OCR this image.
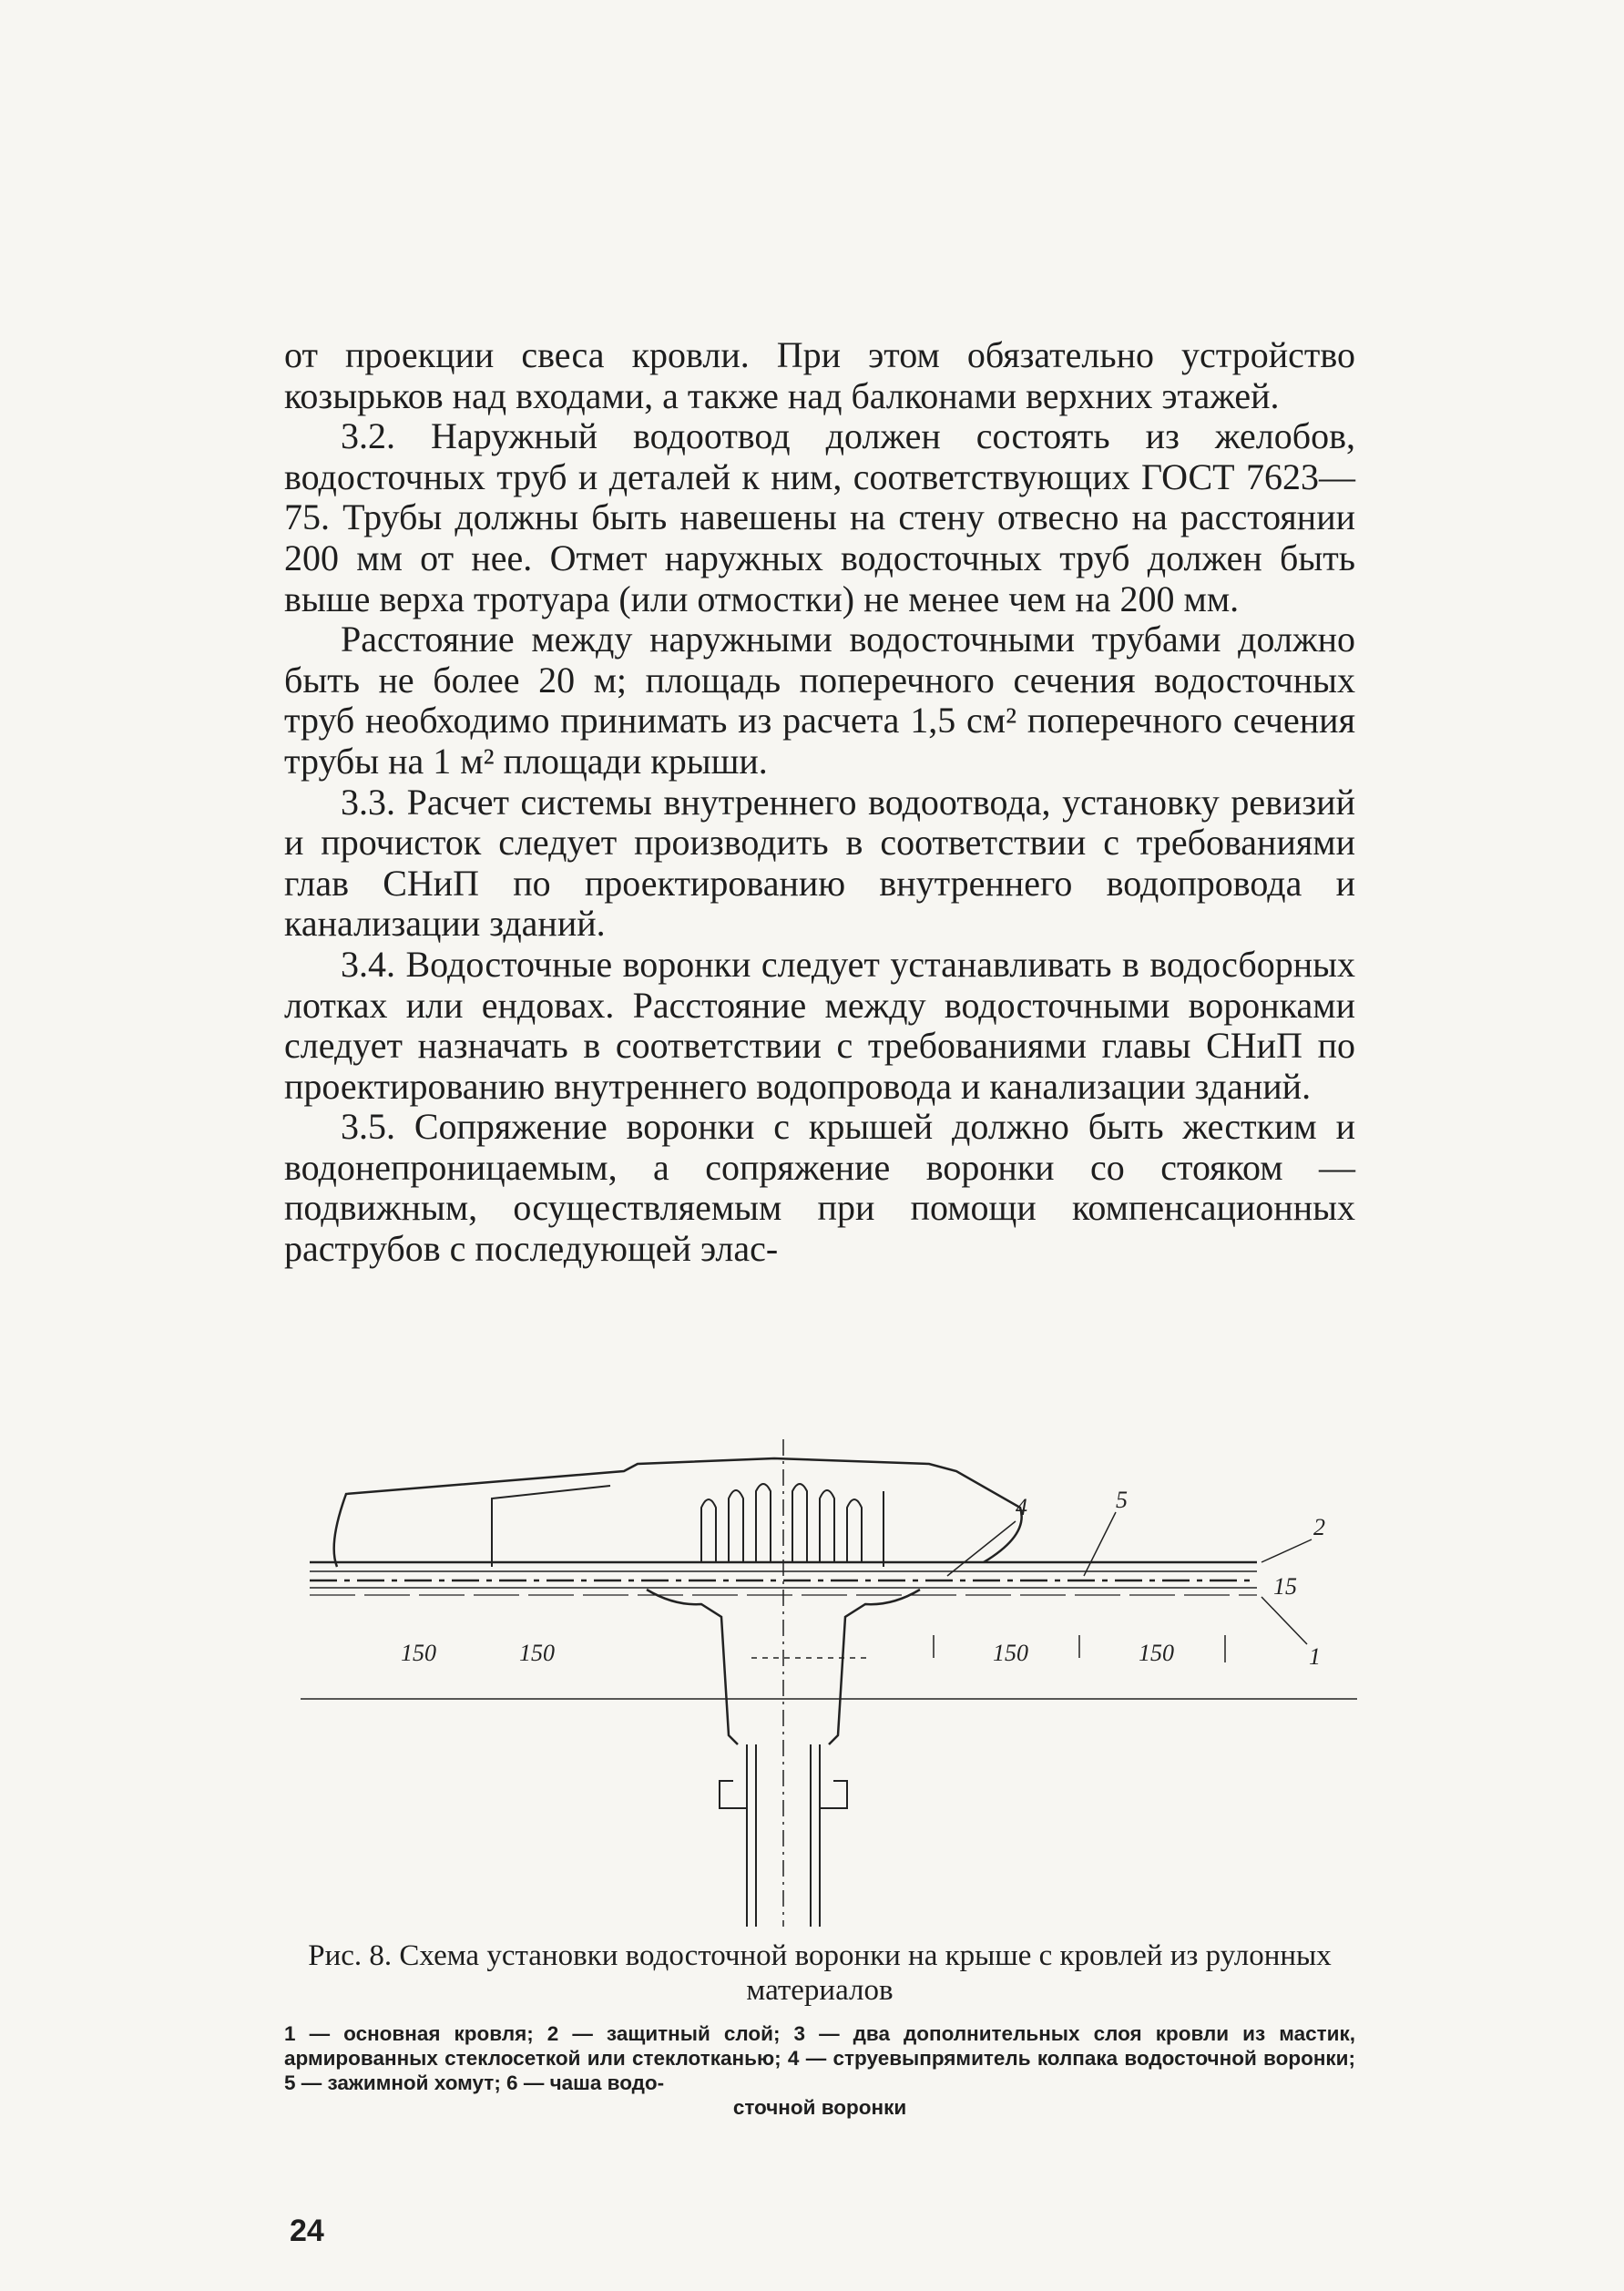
от проекции свеса кровли. При этом обязательно устройство козырьков над входами, а также над балконами верхних этажей.

3.2. Наружный водоотвод должен состоять из желобов, водосточных труб и деталей к ним, соответствующих ГОСТ 7623—75. Трубы должны быть навешены на стену отвесно на расстоянии 200 мм от нее. Отмет наружных водосточных труб должен быть выше верха тротуара (или отмостки) не менее чем на 200 мм.

Расстояние между наружными водосточными трубами должно быть не более 20 м; площадь поперечного сечения водосточных труб необходимо принимать из расчета 1,5 см² поперечного сечения трубы на 1 м² площади крыши.

3.3. Расчет системы внутреннего водоотвода, установку ревизий и прочисток следует производить в соответствии с требованиями глав СНиП по проектированию внутреннего водопровода и канализации зданий.

3.4. Водосточные воронки следует устанавливать в водосборных лотках или ендовах. Расстояние между водосточными воронками следует назначать в соответствии с требованиями главы СНиП по проектированию внутреннего водопровода и канализации зданий.

3.5. Сопряжение воронки с крышей должно быть жестким и водонепроницаемым, а сопряжение воронки со стояком — подвижным, осуществляемым при помощи компенсационных раструбов с последующей элас-

150	150	150	150
15
4	5
2
1
Рис. 8. Схема установки водосточной воронки на крыше с кровлей из рулонных материалов
1 — основная кровля; 2 — защитный слой; 3 — два дополнительных слоя кровли из мастик, армированных стеклосеткой или стеклотканью; 4 — струевыпрямитель колпака водосточной воронки; 5 — зажимной хомут; 6 — чаша водо-
сточной воронки
24
